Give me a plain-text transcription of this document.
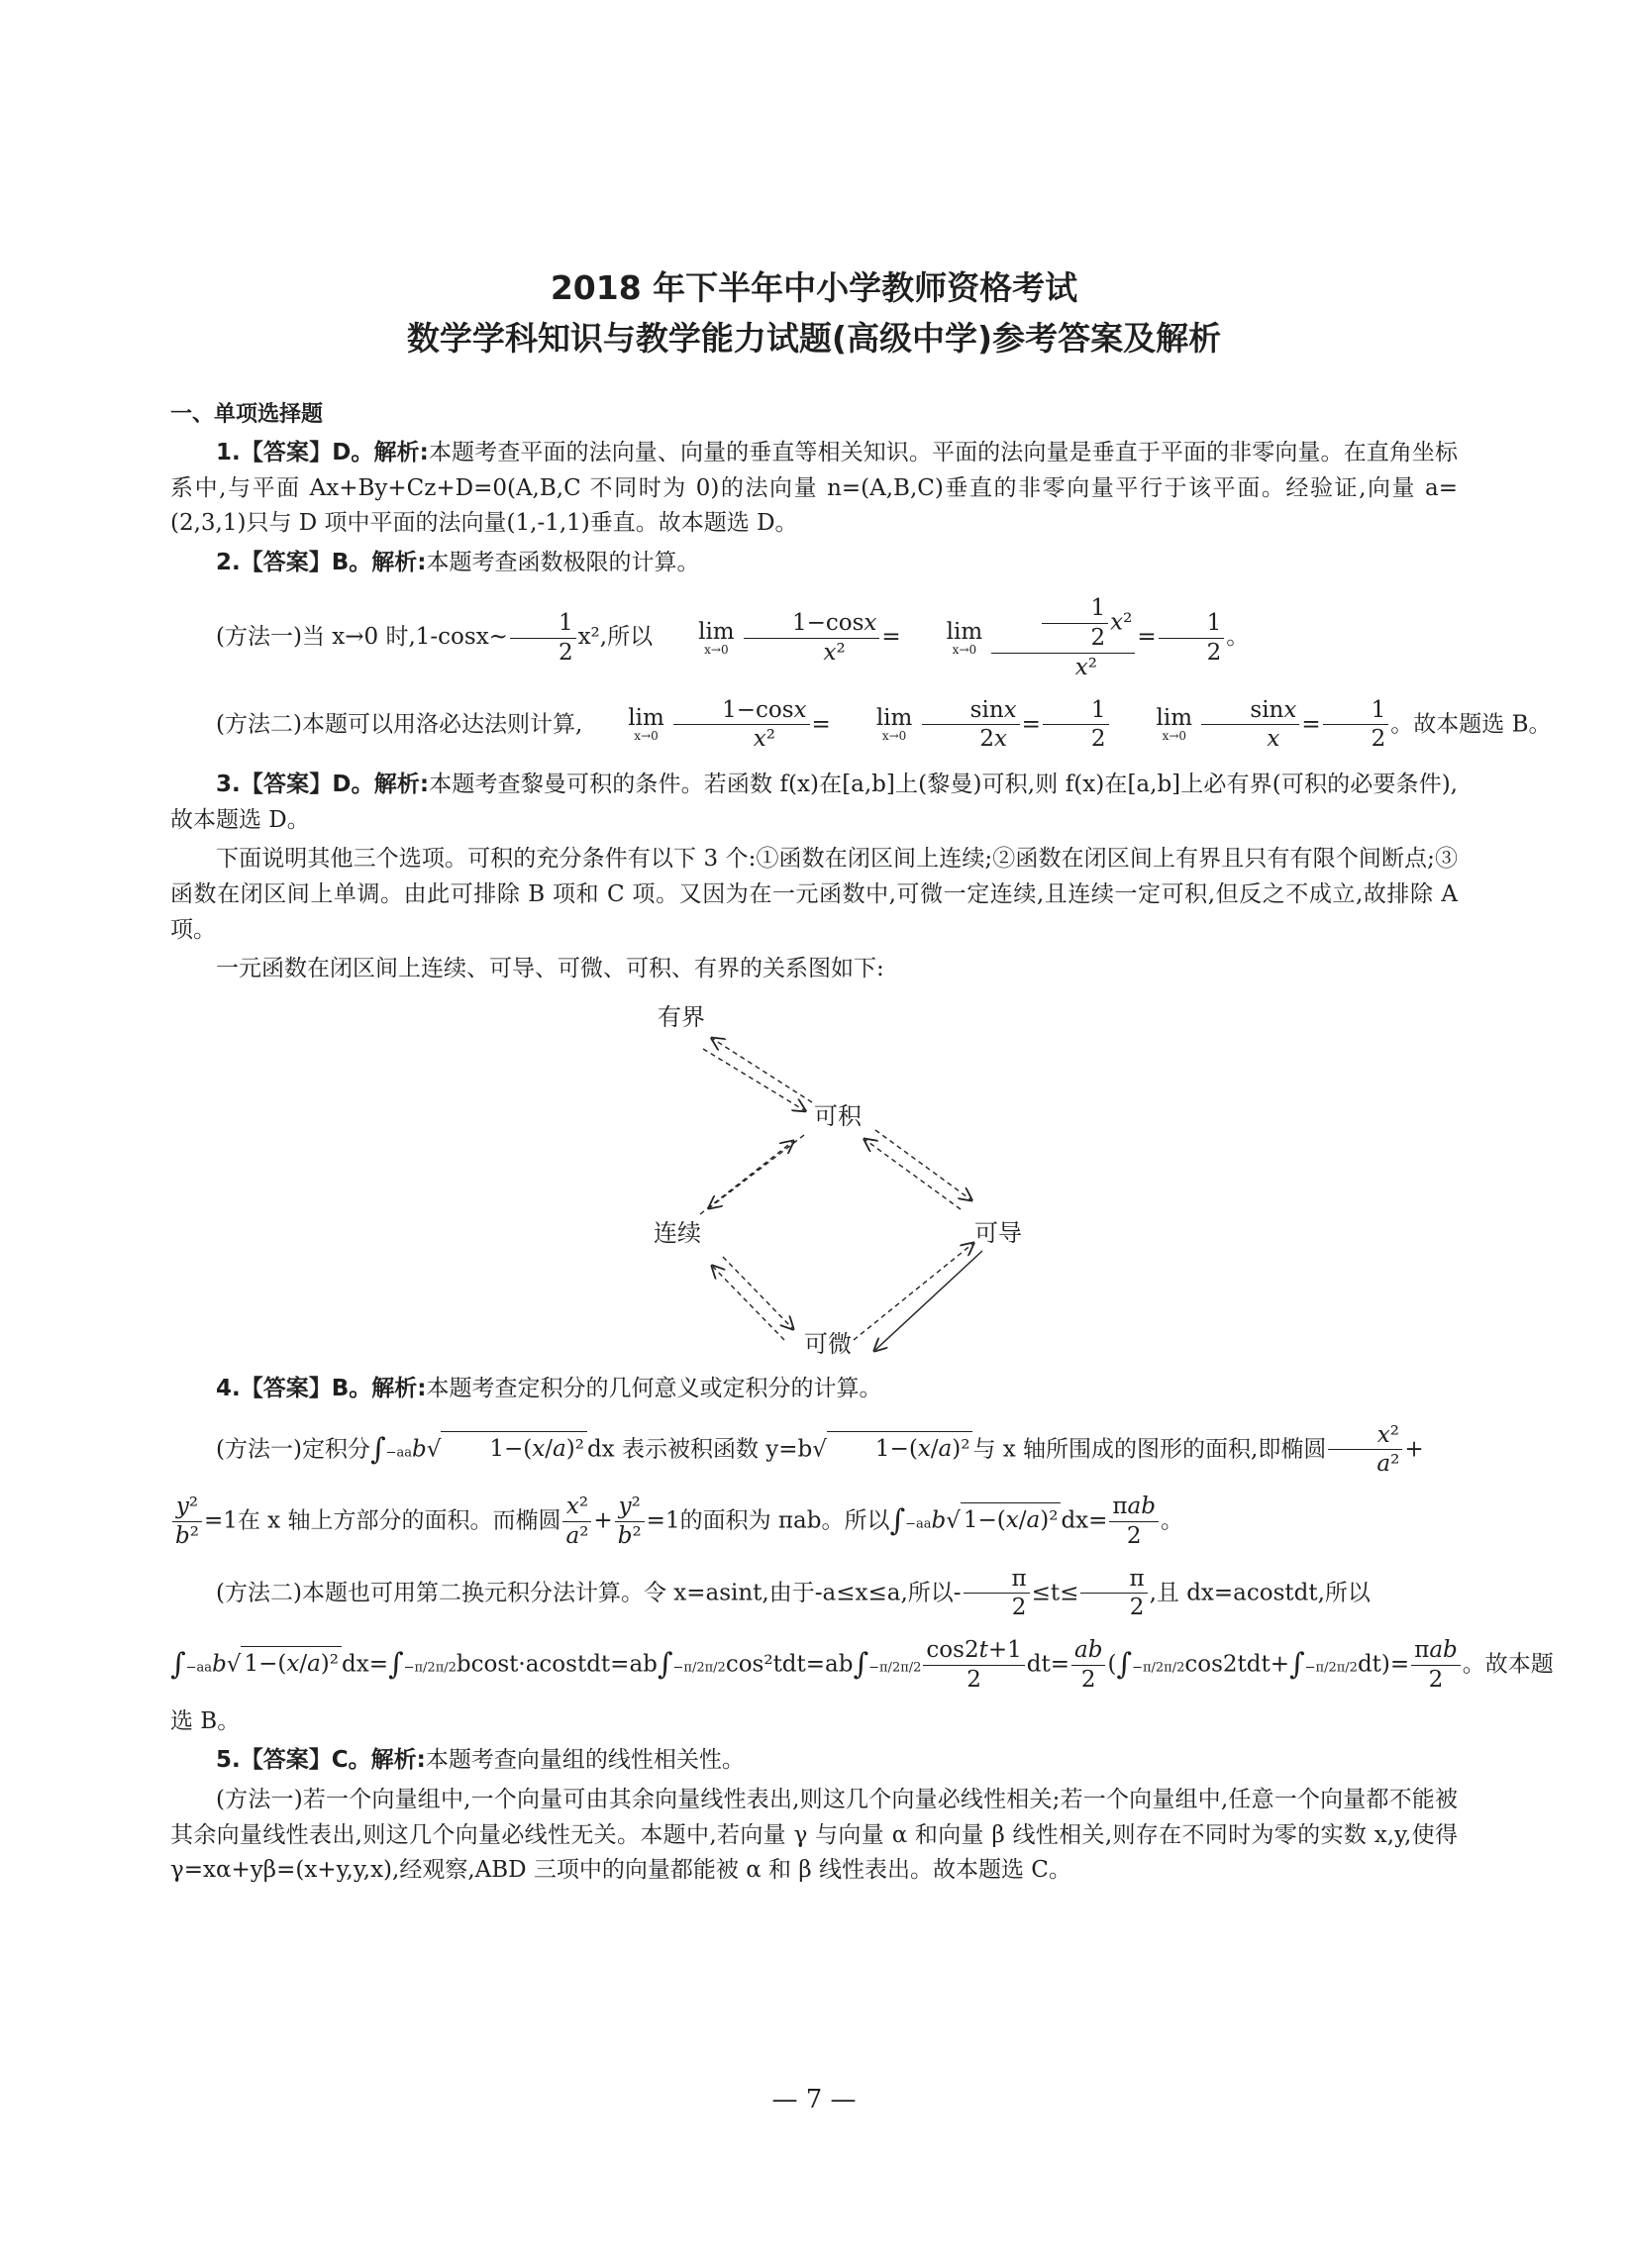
2018 年下半年中小学教师资格考试
数学学科知识与教学能力试题(高级中学)参考答案及解析
一、单项选择题

1.【答案】D。解析:本题考查平面的法向量、向量的垂直等相关知识。平面的法向量是垂直于平面的非零向量。在直角坐标系中,与平面 Ax+By+Cz+D=0(A,B,C 不同时为 0)的法向量 n=(A,B,C)垂直的非零向量平行于该平面。经验证,向量 a=(2,3,1)只与 D 项中平面的法向量(1,-1,1)垂直。故本题选 D。

2.【答案】B。解析:本题考查函数极限的计算。

(方法一)当 x→0 时,1-cosx~ $\frac{1}{2} x^2$,所以 lim
x→0
$\frac{1-\cos x}{\text{x²}} = \lim$
x→0
$\frac{\frac{1}{2} x^2}{\text{x²}} = \frac{1}{2}$ 。
(方法二)本题可以用洛必达法则计算, lim
x→0
$\frac{1-\cos x}{\text{x²}} = \lim$
x→0
$\frac{\sin x}{2x} = \frac{1}{2}$ lim
x→0
$\frac{\sin x}{x} = \frac{1}{2}$ 。故本题选 B。

3.【答案】D。解析:本题考查黎曼可积的条件。若函数 f(x)在[a,b]上(黎曼)可积,则 f(x)在[a,b]上必有界(可积的必要条件),故本题选 D。

下面说明其他三个选项。可积的充分条件有以下 3 个:①函数在闭区间上连续;②函数在闭区间上有界且只有有限个间断点;③函数在闭区间上单调。由此可排除 B 项和 C 项。又因为在一元函数中,可微一定连续,且连续一定可积,但反之不成立,故排除 A 项。

一元函数在闭区间上连续、可导、可微、可积、有界的关系图如下:

有界
可积
连续	可导
可微

4.【答案】B。解析:本题考查定积分的几何意义或定积分的计算。

(方法一)定积分∫−aab√ 1−(x/a)² dx 表示被积函数 y=b√ 1−(x/a)² 与 x 轴所围成的图形的面积,即椭圆 $\frac{\text{x²}}{\text{a²}}$ +
$\frac{\text{y²}}{\text{b²}} =1$在 x 轴上方部分的面积。而椭圆 $\frac{\text{x²}}{\text{a²}} + \frac{\text{y²}}{\text{b²}} =1$的面积为 πab。所以∫−aab√ 1−(x/a)² $dx= \frac{\text{πab}}{2}$ 。
(方法二)本题也可用第二换元积分法计算。令 x=asint,由于-a≤x≤a,所以- $\frac{\pi}{2} \le t\le \frac{\pi}{2}$ ,且 dx=acostdt,所以
∫−aab√ 1−(x/a)² dx=∫−π/2π/2bcost·acostdt=ab∫−π/2π/2cos²tdt=ab∫−π/2π/2 $\frac{\cos 2t+1}{2} dt= \frac{ab}{2} (\int-\pi/2\pi/2\cos 2tdt+\int-\pi/2\pi/2dt)= \frac{\text{πab}}{2}$ 。故本题

选 B。

5.【答案】C。解析:本题考查向量组的线性相关性。

(方法一)若一个向量组中,一个向量可由其余向量线性表出,则这几个向量必线性相关;若一个向量组中,任意一个向量都不能被其余向量线性表出,则这几个向量必线性无关。本题中,若向量 γ 与向量 α 和向量 β 线性相关,则存在不同时为零的实数 x,y,使得 γ=xα+yβ=(x+y,y,x),经观察,ABD 三项中的向量都能被 α 和 β 线性表出。故本题选 C。

— 7 —
